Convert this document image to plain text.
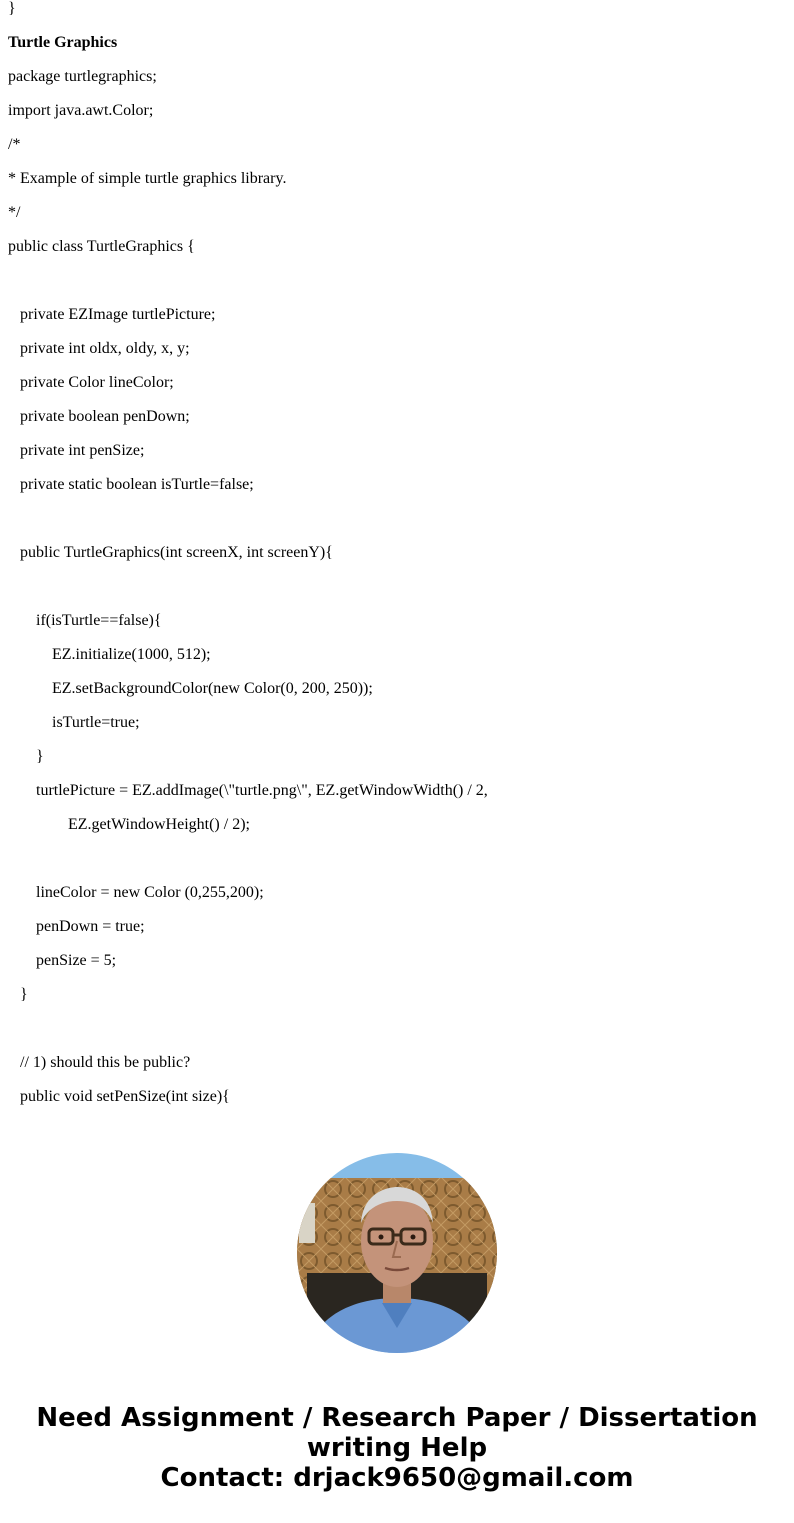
}
Turtle Graphics
package turtlegraphics;
import java.awt.Color;
/*
* Example of simple turtle graphics library.
*/
public class TurtleGraphics {
private EZImage turtlePicture;
private int oldx, oldy, x, y;
private Color lineColor;
private boolean penDown;
private int penSize;
private static boolean isTurtle=false;
public TurtleGraphics(int screenX, int screenY){
if(isTurtle==false){
EZ.initialize(1000, 512);
EZ.setBackgroundColor(new Color(0, 200, 250));
isTurtle=true;
}
turtlePicture = EZ.addImage(\"turtle.png\", EZ.getWindowWidth() / 2,
EZ.getWindowHeight() / 2);
lineColor = new Color (0,255,200);
penDown = true;
penSize = 5;
}
// 1) should this be public?
public void setPenSize(int size){
Need Assignment / Research Paper / Dissertation
writing Help
Contact: drjack9650@gmail.com
